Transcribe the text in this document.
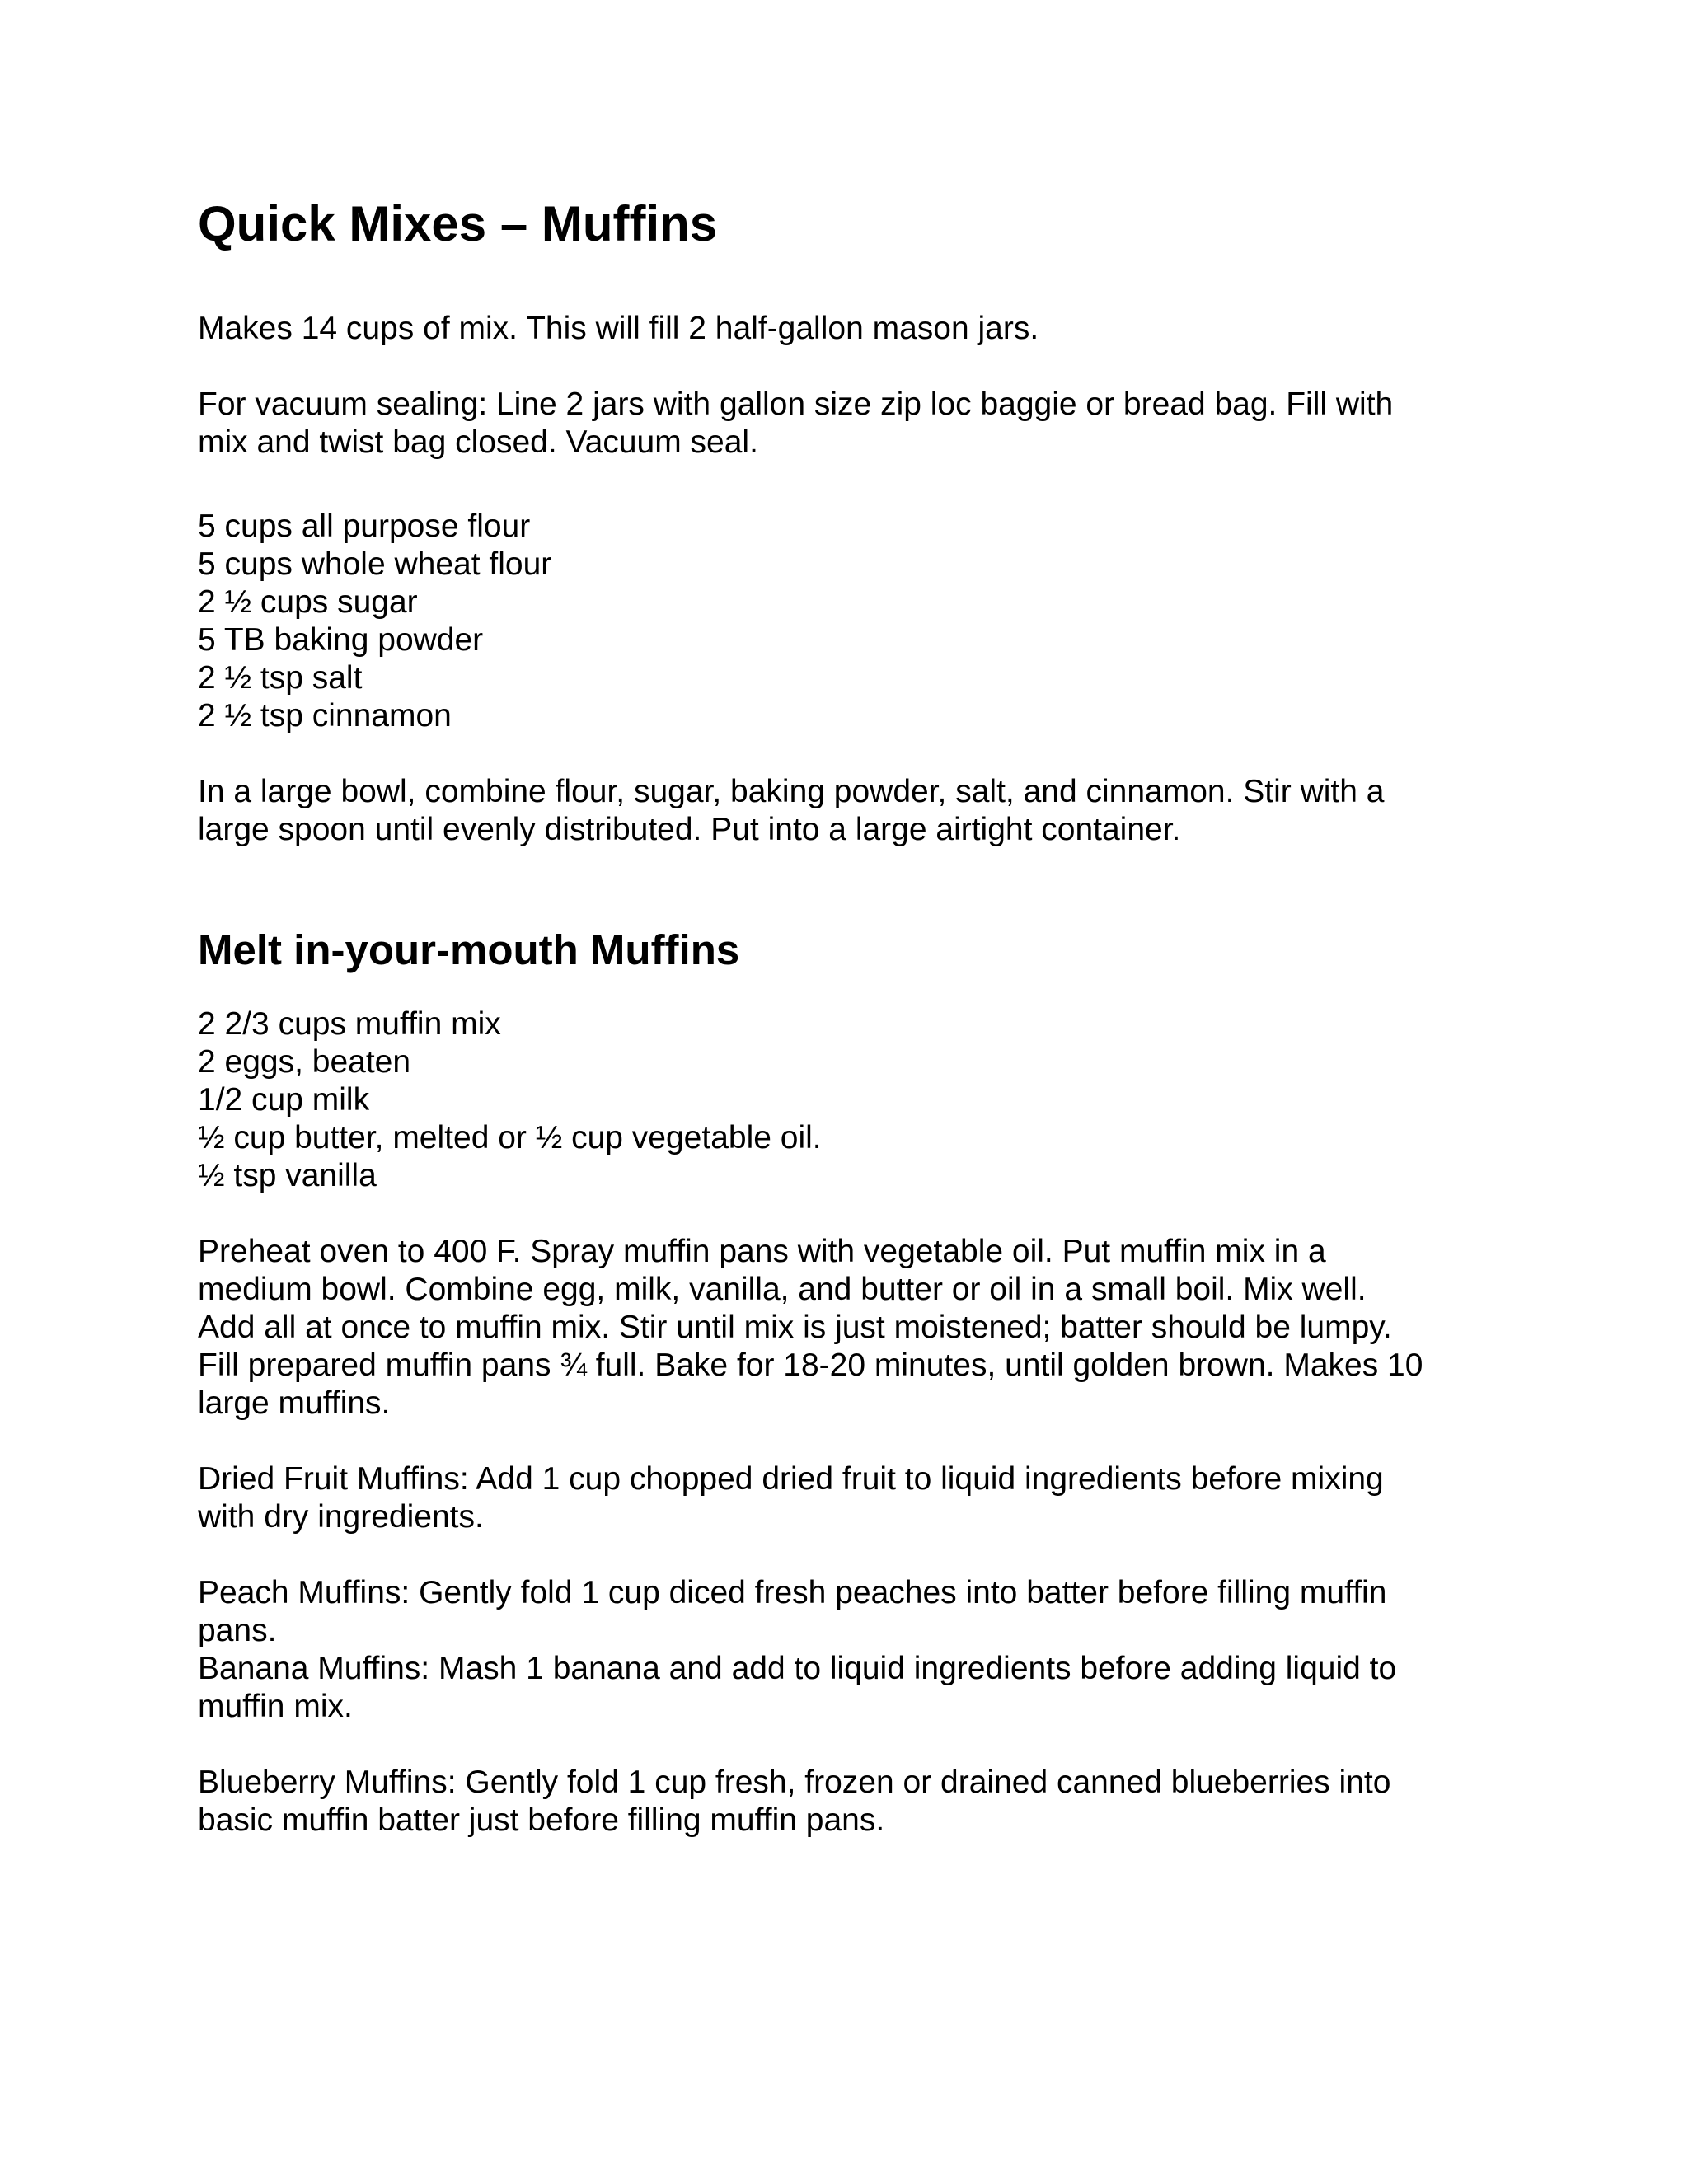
Quick Mixes – Muffins

Makes 14 cups of mix. This will fill 2 half-gallon mason jars.

For vacuum sealing: Line 2 jars with gallon size zip loc baggie or bread bag. Fill with
mix and twist bag closed. Vacuum seal.

5 cups all purpose flour
5 cups whole wheat flour
2 ½ cups sugar
5 TB baking powder
2 ½ tsp salt
2 ½ tsp cinnamon

In a large bowl, combine flour, sugar, baking powder, salt, and cinnamon. Stir with a
large spoon until evenly distributed. Put into a large airtight container.

Melt in-your-mouth Muffins

2 2/3 cups muffin mix
2 eggs, beaten
1/2 cup milk
½ cup butter, melted or ½ cup vegetable oil.
½ tsp vanilla

Preheat oven to 400 F. Spray muffin pans with vegetable oil. Put muffin mix in a
medium bowl. Combine egg, milk, vanilla, and butter or oil in a small boil. Mix well.
Add all at once to muffin mix. Stir until mix is just moistened; batter should be lumpy.
Fill prepared muffin pans ¾ full. Bake for 18-20 minutes, until golden brown. Makes 10
large muffins.

Dried Fruit Muffins: Add 1 cup chopped dried fruit to liquid ingredients before mixing
with dry ingredients.

Peach Muffins: Gently fold 1 cup diced fresh peaches into batter before filling muffin
pans.
Banana Muffins: Mash 1 banana and add to liquid ingredients before adding liquid to
muffin mix.

Blueberry Muffins: Gently fold 1 cup fresh, frozen or drained canned blueberries into
basic muffin batter just before filling muffin pans.
